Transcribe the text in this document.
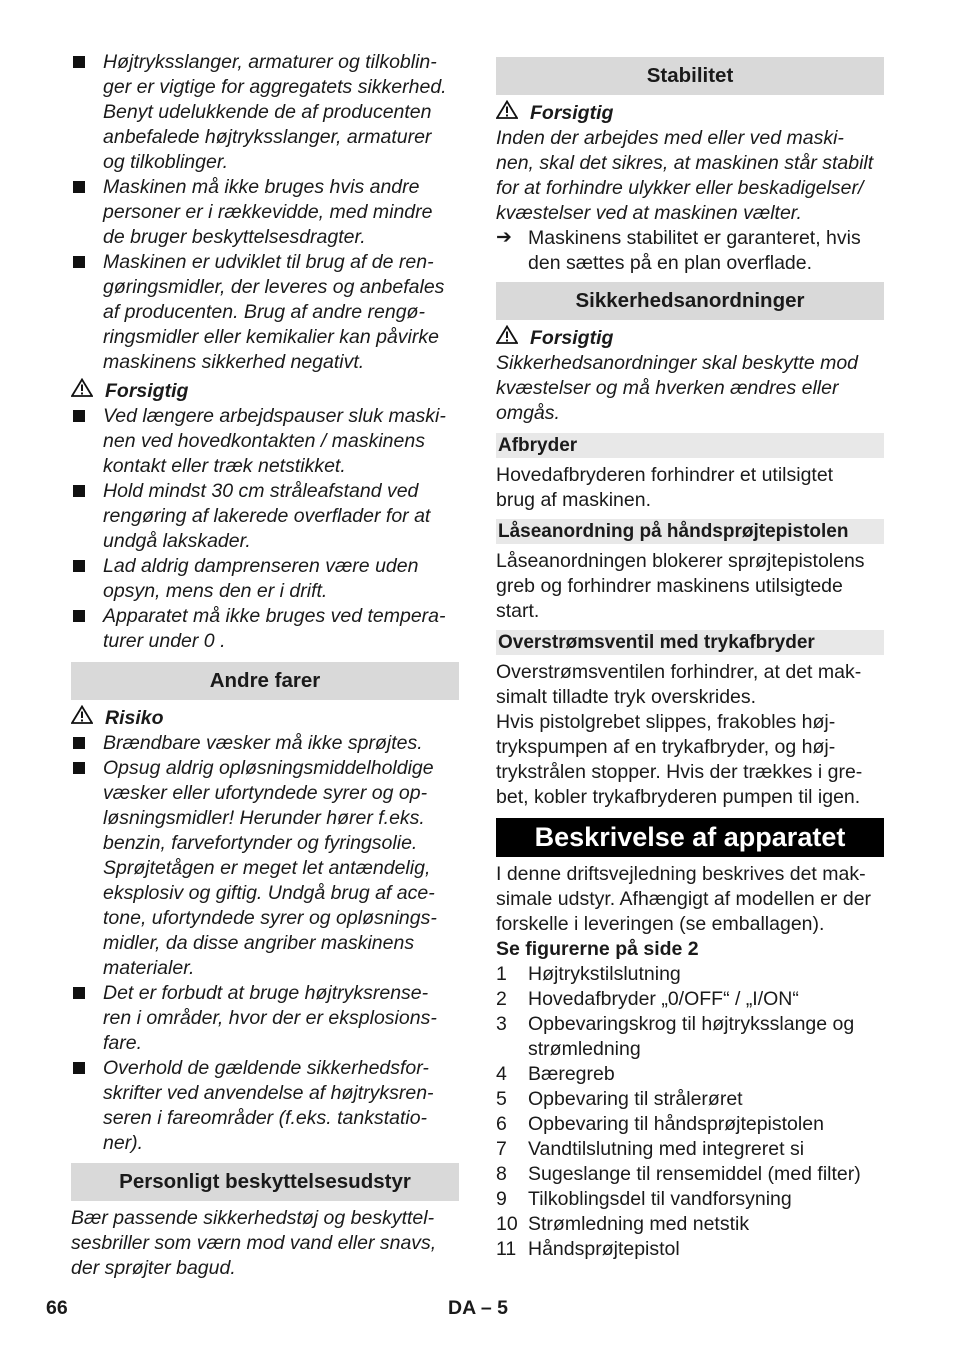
Højtryksslanger, armaturer og tilkoblin-
ger er vigtige for aggregatets sikkerhed.
Benyt udelukkende de af producenten
anbefalede højtryksslanger, armaturer
og tilkoblinger.
Maskinen må ikke bruges hvis andre
personer er i rækkevidde, med mindre
de bruger beskyttelsesdragter.
Maskinen er udviklet til brug af de ren-
gøringsmidler, der leveres og anbefales
af producenten. Brug af andre rengø-
ringsmidler eller kemikalier kan påvirke
maskinens sikkerhed negativt.
Forsigtig
Ved længere arbejdspauser sluk maski-
nen ved hovedkontakten / maskinens
kontakt eller træk netstikket.
Hold mindst 30 cm stråleafstand ved
rengøring af lakerede overflader for at
undgå lakskader.
Lad aldrig damprenseren være uden
opsyn, mens den er i drift.
Apparatet må ikke bruges ved tempera-
turer under 0 .
Andre farer
Risiko
Brændbare væsker må ikke sprøjtes.
Opsug aldrig opløsningsmiddelholdige
væsker eller ufortyndede syrer og op-
løsningsmidler! Herunder hører f.eks.
benzin, farvefortynder og fyringsolie.
Sprøjtetågen er meget let antændelig,
eksplosiv og giftig. Undgå brug af ace-
tone, ufortyndede syrer og opløsnings-
midler, da disse angriber maskinens
materialer.
Det er forbudt at bruge højtryksrense-
ren i områder, hvor der er eksplosions-
fare.
Overhold de gældende sikkerhedsfor-
skrifter ved anvendelse af højtryksren-
seren i fareområder (f.eks. tankstatio-
ner).
Personligt beskyttelsesudstyr
Bær passende sikkerhedstøj og beskyttel-
sesbriller som værn mod vand eller snavs,
der sprøjter bagud.
Stabilitet
Forsigtig
Inden der arbejdes med eller ved maski-
nen, skal det sikres, at maskinen står stabilt
for at forhindre ulykker eller beskadigelser/
kvæstelser ved at maskinen vælter.
➔ Maskinens stabilitet er garanteret, hvis
den sættes på en plan overflade.
Sikkerhedsanordninger
Forsigtig
Sikkerhedsanordninger skal beskytte mod
kvæstelser og må hverken ændres eller
omgås.
Afbryder
Hovedafbryderen forhindrer et utilsigtet
brug af maskinen.
Låseanordning på håndsprøjtepistolen
Låseanordningen blokerer sprøjtepistolens
greb og forhindrer maskinens utilsigtede
start.
Overstrømsventil med trykafbryder
Overstrømsventilen forhindrer, at det mak-
simalt tilladte tryk overskrides.
Hvis pistolgrebet slippes, frakobles høj-
trykspumpen af en trykafbryder, og høj-
trykstrålen stopper. Hvis der trækkes i gre-
bet, kobler trykafbryderen pumpen til igen.
Beskrivelse af apparatet
I denne driftsvejledning beskrives det mak-
simale udstyr. Afhængigt af modellen er der
forskelle i leveringen (se emballagen).
Se figurerne på side 2
1 Højtrykstilslutning
2 Hovedafbryder „0/OFF“ / „I/ON“
3 Opbevaringskrog til højtryksslange og
strømledning
4 Bæregreb
5 Opbevaring til strålerøret
6 Opbevaring til håndsprøjtepistolen
7 Vandtilslutning med integreret si
8 Sugeslange til rensemiddel (med filter)
9 Tilkoblingsdel til vandforsyning
10 Strømledning med netstik
11 Håndsprøjtepistol
66	DA – 5
